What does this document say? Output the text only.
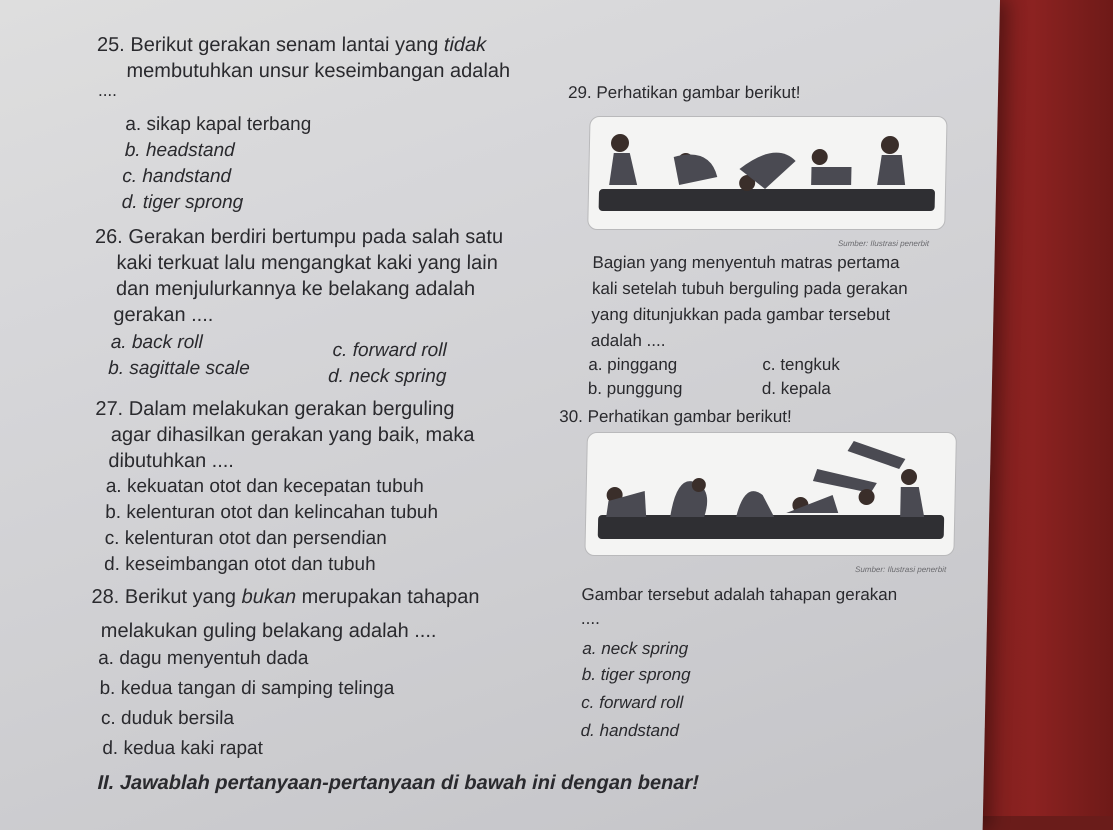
25. Berikut gerakan senam lantai yang tidak
membutuhkan unsur keseimbangan adalah
....
a. sikap kapal terbang
b. headstand
c. handstand
d. tiger sprong
26. Gerakan berdiri bertumpu pada salah satu
kaki terkuat lalu mengangkat kaki yang lain
dan menjulurkannya ke belakang adalah
gerakan ....
a. back roll	c. forward roll
b. sagittale scale	d. neck spring
27. Dalam melakukan gerakan berguling
agar dihasilkan gerakan yang baik, maka
dibutuhkan ....
a. kekuatan otot dan kecepatan tubuh
b. kelenturan otot dan kelincahan tubuh
c. kelenturan otot dan persendian
d. keseimbangan otot dan tubuh
28. Berikut yang bukan merupakan tahapan
melakukan guling belakang adalah ....
a. dagu menyentuh dada
b. kedua tangan di samping telinga
c. duduk bersila
d. kedua kaki rapat
29. Perhatikan gambar berikut!
Sumber: Ilustrasi penerbit
Bagian yang menyentuh matras pertama
kali setelah tubuh berguling pada gerakan
yang ditunjukkan pada gambar tersebut
adalah ....
a. pinggang	c. tengkuk
b. punggung	d. kepala
30. Perhatikan gambar berikut!
Sumber: Ilustrasi penerbit
Gambar tersebut adalah tahapan gerakan
....
a. neck spring
b. tiger sprong
c. forward roll
d. handstand
II. Jawablah pertanyaan-pertanyaan di bawah ini dengan benar!
